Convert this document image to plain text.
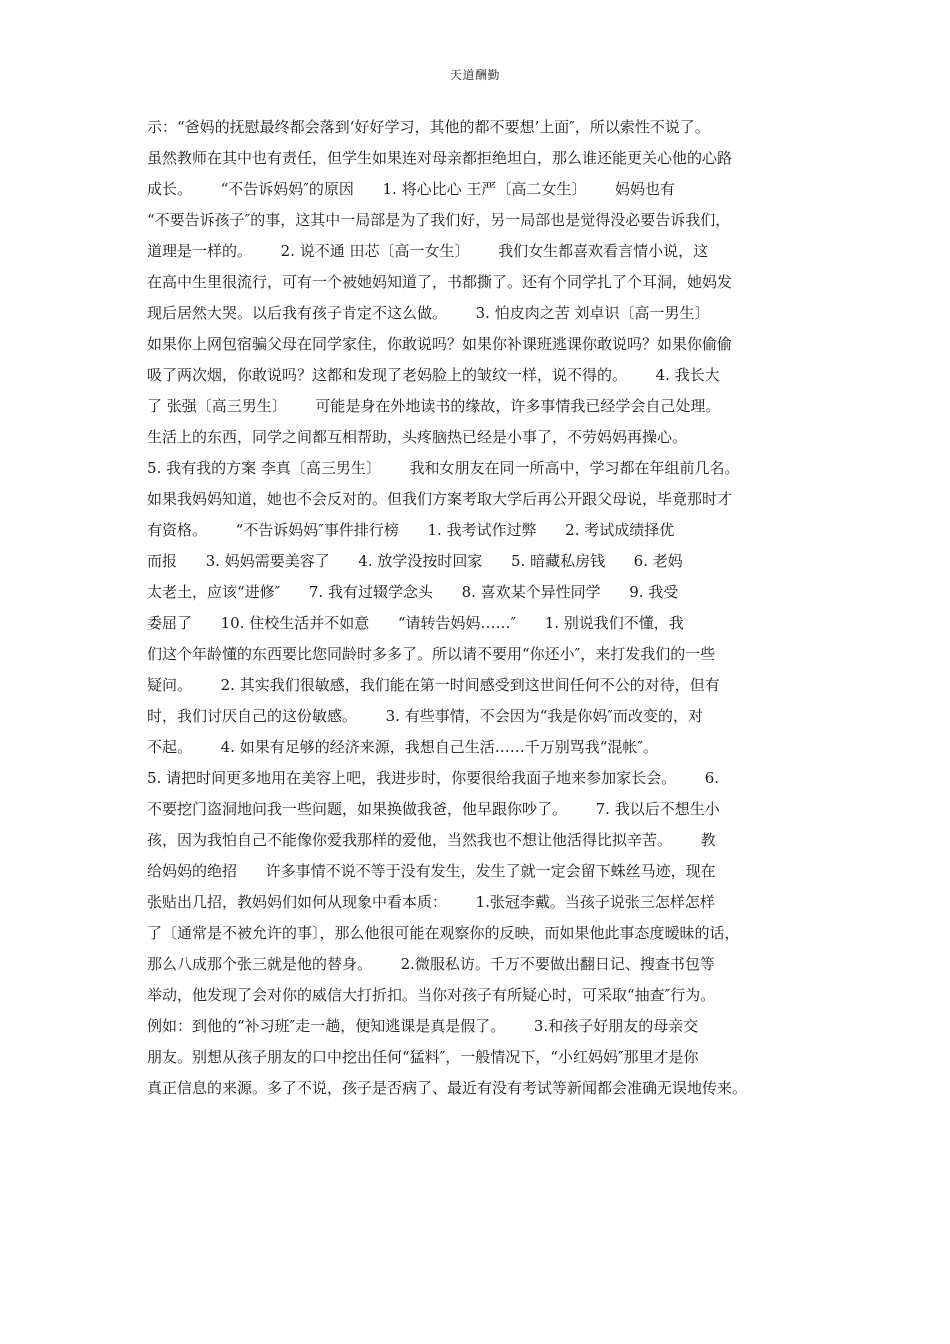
天道酬勤
示：“爸妈的抚慰最终都会落到‘好好学习，其他的都不要想’上面″，所以索性不说了。
虽然教师在其中也有责任，但学生如果连对母亲都拒绝坦白，那么谁还能更关心他的心路
成长。      “不告诉妈妈″的原因      1. 将心比心 王严〔高二女生〕      妈妈也有
“不要告诉孩子″的事，这其中一局部是为了我们好，另一局部也是觉得没必要告诉我们，
道理是一样的。      2. 说不通 田芯〔高一女生〕      我们女生都喜欢看言情小说，这
在高中生里很流行，可有一个被她妈知道了，书都撕了。还有个同学扎了个耳洞，她妈发
现后居然大哭。以后我有孩子肯定不这么做。      3. 怕皮肉之苦 刘卓识〔高一男生〕
如果你上网包宿骗父母在同学家住，你敢说吗？如果你补课班逃课你敢说吗？如果你偷偷
吸了两次烟，你敢说吗？这都和发现了老妈脸上的皱纹一样，说不得的。      4. 我长大
了 张强〔高三男生〕      可能是身在外地读书的缘故，许多事情我已经学会自己处理。
生活上的东西，同学之间都互相帮助，头疼脑热已经是小事了，不劳妈妈再操心。
5. 我有我的方案 李真〔高三男生〕      我和女朋友在同一所高中，学习都在年组前几名。
如果我妈妈知道，她也不会反对的。但我们方案考取大学后再公开跟父母说，毕竟那时才
有资格。      “不告诉妈妈″事件排行榜      1. 我考试作过弊      2. 考试成绩择优
而报      3. 妈妈需要美容了      4. 放学没按时回家      5. 暗藏私房钱      6. 老妈
太老土，应该“进修″      7. 我有过辍学念头      8. 喜欢某个异性同学      9. 我受
委屈了      10. 住校生活并不如意      “请转告妈妈……″      1. 别说我们不懂，我
们这个年龄懂的东西要比您同龄时多多了。所以请不要用“你还小″，来打发我们的一些
疑问。      2. 其实我们很敏感，我们能在第一时间感受到这世间任何不公的对待，但有
时，我们讨厌自己的这份敏感。      3. 有些事情，不会因为“我是你妈″而改变的，对
不起。      4. 如果有足够的经济来源，我想自己生活……千万别骂我“混帐″。
5. 请把时间更多地用在美容上吧，我进步时，你要很给我面子地来参加家长会。      6.
不要挖门盗洞地问我一些问题，如果换做我爸，他早跟你吵了。      7. 我以后不想生小
孩，因为我怕自己不能像你爱我那样的爱他，当然我也不想让他活得比拟辛苦。      教
给妈妈的绝招      许多事情不说不等于没有发生，发生了就一定会留下蛛丝马迹，现在
张贴出几招，教妈妈们如何从现象中看本质：      1.张冠李戴。当孩子说张三怎样怎样
了〔通常是不被允许的事〕，那么他很可能在观察你的反映，而如果他此事态度暧昧的话，
那么八成那个张三就是他的替身。      2.微服私访。千万不要做出翻日记、搜查书包等
举动，他发现了会对你的威信大打折扣。当你对孩子有所疑心时，可采取“抽查″行为。
例如：到他的“补习班″走一趟，便知逃课是真是假了。      3.和孩子好朋友的母亲交
朋友。别想从孩子朋友的口中挖出任何“猛料″，一般情况下，“小红妈妈″那里才是你
真正信息的来源。多了不说，孩子是否病了、最近有没有考试等新闻都会准确无误地传来。
